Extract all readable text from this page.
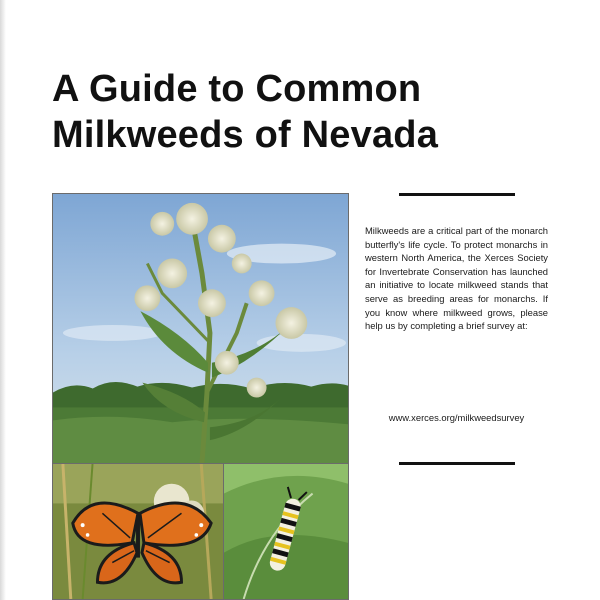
A Guide to Common
Milkweeds of Nevada

Milkweeds are a critical part of the monarch butterfly's life cycle. To protect monarchs in western North America, the Xerces Society for Invertebrate Conservation has launched an initiative to locate milkweed stands that serve as breeding areas for monarchs. If you know where milkweed grows, please help us by completing a brief survey at:

www.xerces.org/milkweedsurvey
